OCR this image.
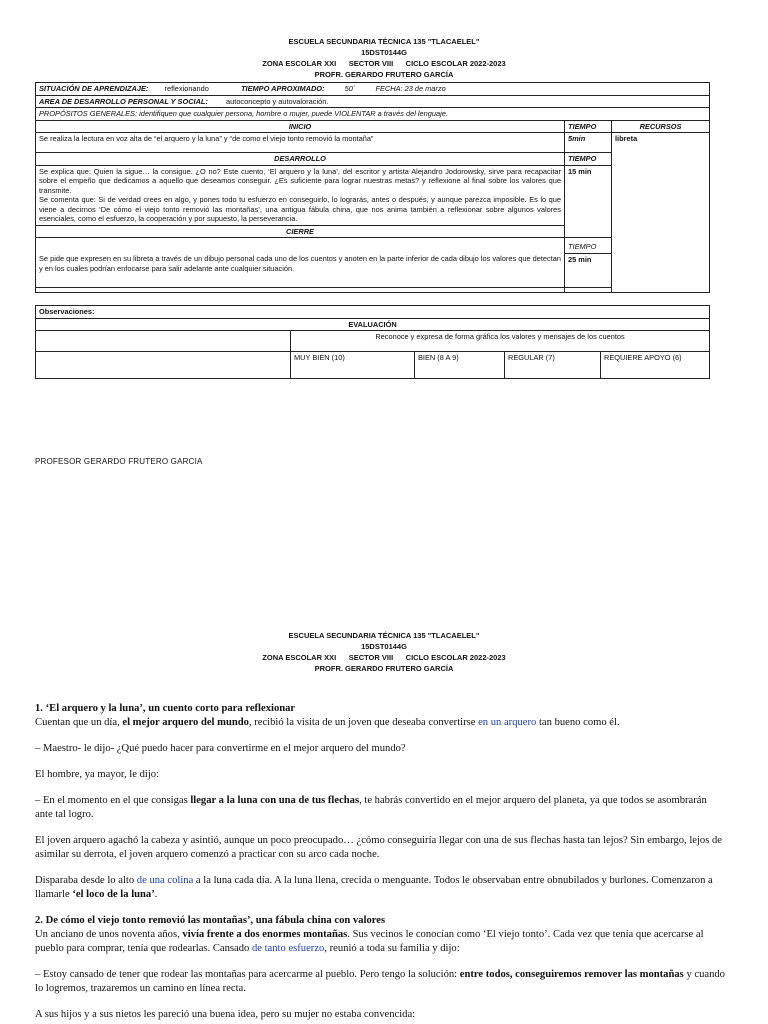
ESCUELA SECUNDARIA TÉCNICA 135 "TLACAELEL"
15DST0144G
ZONA ESCOLAR XXI      SECTOR VIII      CICLO ESCOLAR 2022-2023
PROFR. GERARDO FRUTERO GARCÍA
SITUACIÓN DE APRENDIZAJE: reflexionando TIEMPO APROXIMADO: 50´ FECHA: 23 de marzo		
AREA DE DESARROLLO PERSONAL Y SOCIAL: autoconcepto y autovaloración.		
PROPÓSITOS GENERALES: identifiquen que cualquier persona, hombre o mujer, puede VIOLENTAR a través del lenguaje.		
INICIO	TIEMPO	RECURSOS
Se realiza la lectura en voz alta de “el arquero y la luna” y “de como el viejo tonto removió la montaña”	5min	libreta
DESARROLLO	TIEMPO	

Se explica que: Quien la sigue… la consigue. ¿O no? Este cuento, ‘El arquero y la luna’, del escritor y artista Alejandro Jodorowsky, sirve para recapacitar sobre el empeño que dedicamos a aquello que deseamos conseguir. ¿Es suficiente para lograr nuestras metas? y reflexione al final sobre los valores que transmite.
Se comenta que: Si de verdad crees en algo, y pones todo tu esfuerzo en conseguirlo, lo lograrás, antes o después, y aunque parezca imposible. Es lo que viene a decirnos ‘De cómo el viejo tonto removió las montañas’, una antigua fábula china, que nos anima también a reflexionar sobre algunos valores esenciales, como el esfuerzo, la cooperación y por supuesto, la perseverancia.	15 min	
CIERRE		
	TIEMPO	
Se pide que expresen en su libreta a través de un dibujo personal cada uno de los cuentos y anoten en la parte inferior de cada dibujo los valores que detectan y en los cuales podrían enfocarse para salir adelante ante cualquier situación.	25 min	

Observaciones:				
EVALUACIÓN				
	Reconoce y expresa de forma gráfica los valores y mensajes de los cuentos			
	MUY BIEN (10)	BIEN (8 A 9)	REGULAR (7)	REQUIERE APOYO (6)
PROFESOR GERARDO FRUTERO GARCIA
ESCUELA SECUNDARIA TÉCNICA 135 "TLACAELEL"
15DST0144G
ZONA ESCOLAR XXI      SECTOR VIII      CICLO ESCOLAR 2022-2023
PROFR. GERARDO FRUTERO GARCÍA

1. ‘El arquero y la luna’, un cuento corto para reflexionar

Cuentan que un día, el mejor arquero del mundo, recibió la visita de un joven que deseaba convertirse en un arquero tan bueno como él.

– Maestro- le dijo- ¿Qué puedo hacer para convertirme en el mejor arquero del mundo?

El hombre, ya mayor, le dijo:

– En el momento en el que consigas llegar a la luna con una de tus flechas, te habrás convertido en el mejor arquero del planeta, ya que todos se asombrarán ante tal logro.

El joven arquero agachó la cabeza y asintió, aunque un poco preocupado… ¿cómo conseguiría llegar con una de sus flechas hasta tan lejos? Sin embargo, lejos de asimilar su derrota, el joven arquero comenzó a practicar con su arco cada noche.

Disparaba desde lo alto de una colina a la luna cada día. A la luna llena, crecida o menguante. Todos le observaban entre obnubilados y burlones. Comenzaron a llamarle ‘el loco de la luna’.

2. De cómo el viejo tonto removió las montañas’, una fábula china con valores

Un anciano de unos noventa años, vivía frente a dos enormes montañas. Sus vecinos le conocían como ‘El viejo tonto’. Cada vez que tenía que acercarse al pueblo para comprar, tenía que rodearlas. Cansado de tanto esfuerzo, reunió a toda su familia y dijo:

– Estoy cansado de tener que rodear las montañas para acercarme al pueblo. Pero tengo la solución: entre todos, conseguiremos remover las montañas y cuando lo logremos, trazaremos un camino en línea recta.

A sus hijos y a sus nietos les pareció una buena idea, pero su mujer no estaba convencida:
